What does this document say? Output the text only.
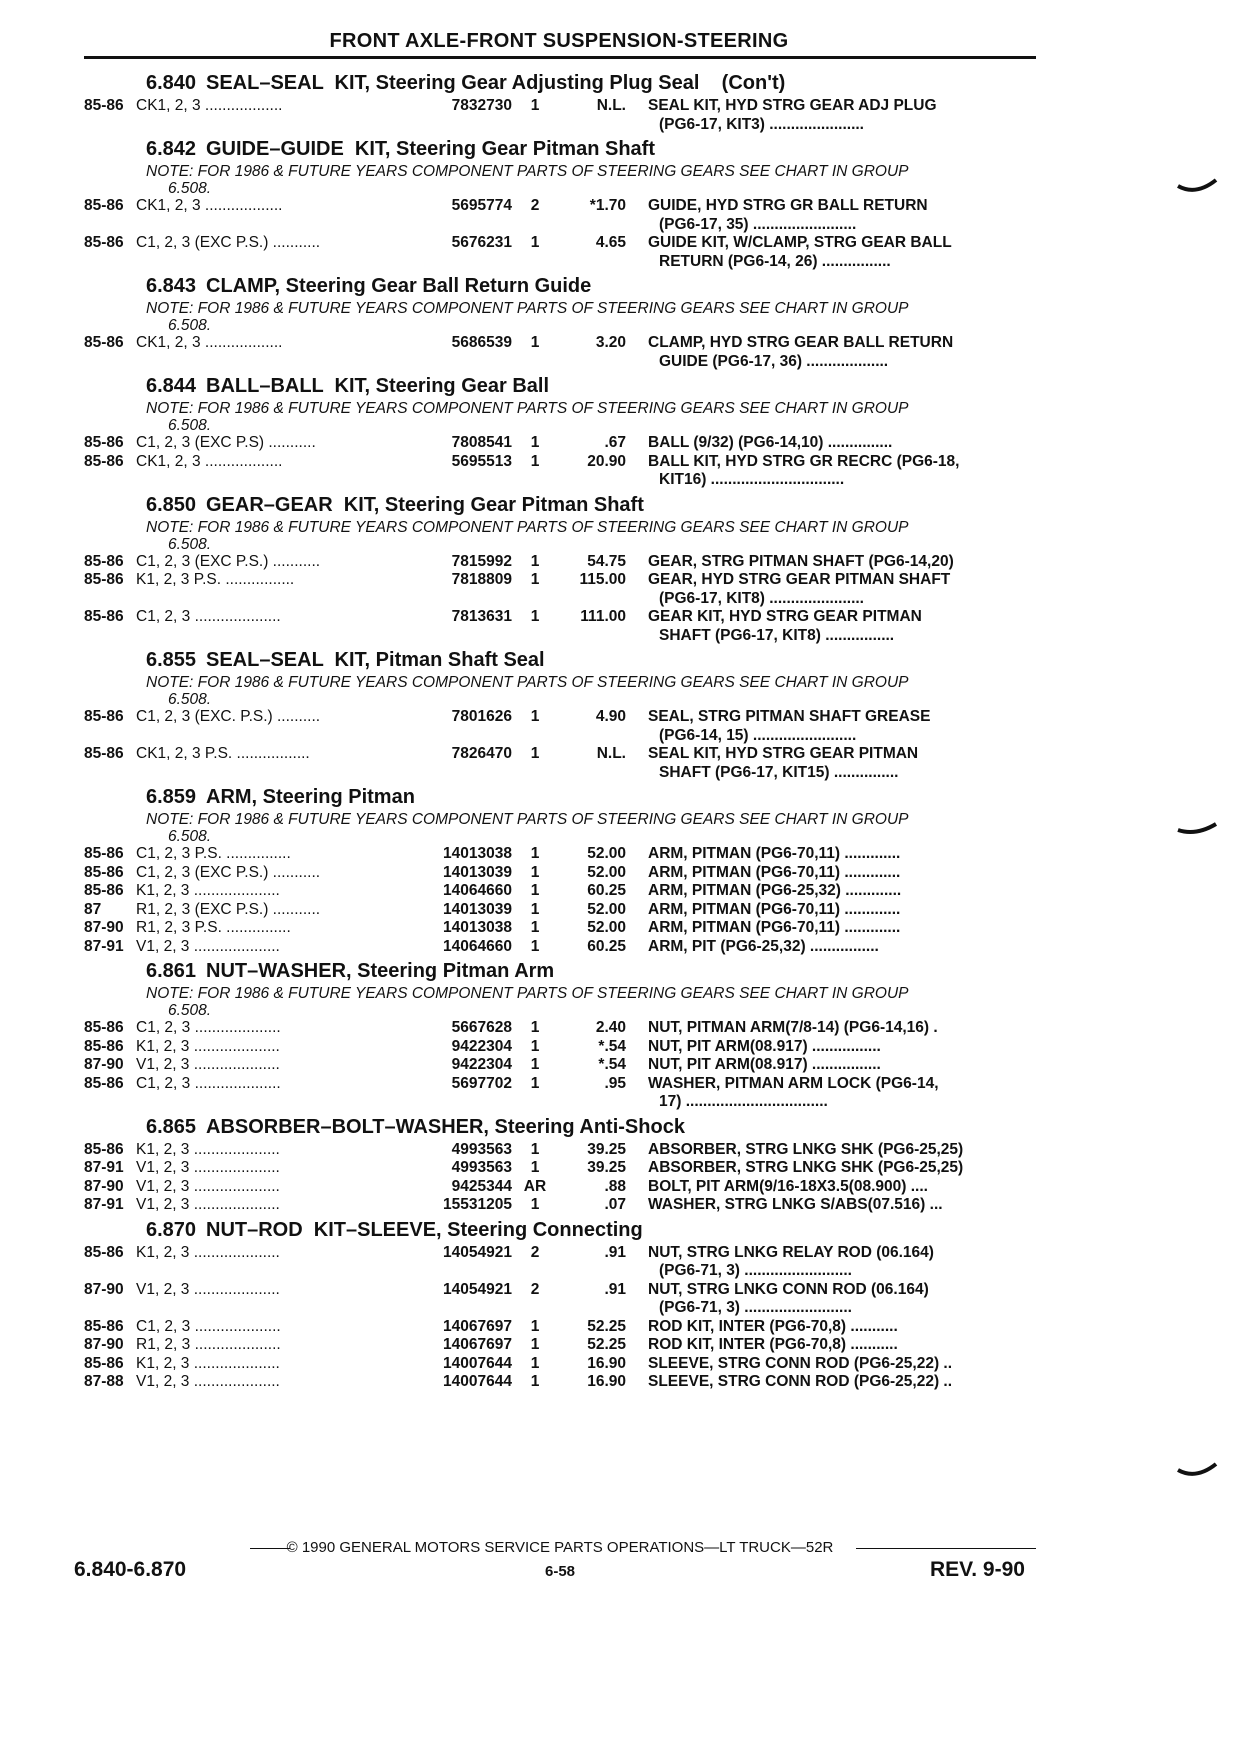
FRONT AXLE-FRONT SUSPENSION-STEERING
6.840 SEAL–SEAL  KIT, Steering Gear Adjusting Plug Seal    (Con't)
85-86 CK1, 2, 3 ..................	7832730	1	N.L.	SEAL KIT, HYD STRG GEAR ADJ PLUG
(PG6-17, KIT3) ......................
6.842 GUIDE–GUIDE  KIT, Steering Gear Pitman Shaft
NOTE: FOR 1986 & FUTURE YEARS COMPONENT PARTS OF STEERING GEARS SEE CHART IN GROUP
6.508.
85-86 CK1, 2, 3 ..................	5695774	2	*1.70	GUIDE, HYD STRG GR BALL RETURN
(PG6-17, 35) ........................
85-86 C1, 2, 3 (EXC P.S.) ...........	5676231	1	4.65	GUIDE KIT, W/CLAMP, STRG GEAR BALL
RETURN (PG6-14, 26) ................
6.843 CLAMP, Steering Gear Ball Return Guide
NOTE: FOR 1986 & FUTURE YEARS COMPONENT PARTS OF STEERING GEARS SEE CHART IN GROUP
6.508.
85-86 CK1, 2, 3 ..................	5686539	1	3.20	CLAMP, HYD STRG GEAR BALL RETURN
GUIDE (PG6-17, 36) ...................
6.844 BALL–BALL  KIT, Steering Gear Ball
NOTE: FOR 1986 & FUTURE YEARS COMPONENT PARTS OF STEERING GEARS SEE CHART IN GROUP
6.508.
85-86 C1, 2, 3 (EXC P.S) ...........	7808541	1	.67	BALL (9/32) (PG6-14,10) ...............
85-86 CK1, 2, 3 ..................	5695513	1	20.90	BALL KIT, HYD STRG GR RECRC (PG6-18,
KIT16) ...............................
6.850 GEAR–GEAR  KIT, Steering Gear Pitman Shaft
NOTE: FOR 1986 & FUTURE YEARS COMPONENT PARTS OF STEERING GEARS SEE CHART IN GROUP
6.508.
85-86 C1, 2, 3 (EXC P.S.) ...........	7815992	1	54.75	GEAR, STRG PITMAN SHAFT (PG6-14,20)
85-86 K1, 2, 3 P.S. ................	7818809	1	115.00	GEAR, HYD STRG GEAR PITMAN SHAFT
(PG6-17, KIT8) ......................
85-86 C1, 2, 3 ....................	7813631	1	111.00	GEAR KIT, HYD STRG GEAR PITMAN
SHAFT (PG6-17, KIT8) ................
6.855 SEAL–SEAL  KIT, Pitman Shaft Seal
NOTE: FOR 1986 & FUTURE YEARS COMPONENT PARTS OF STEERING GEARS SEE CHART IN GROUP
6.508.
85-86 C1, 2, 3 (EXC. P.S.) ..........	7801626	1	4.90	SEAL, STRG PITMAN SHAFT GREASE
(PG6-14, 15) ........................
85-86 CK1, 2, 3 P.S. .................	7826470	1	N.L.	SEAL KIT, HYD STRG GEAR PITMAN
SHAFT (PG6-17, KIT15) ...............
6.859 ARM, Steering Pitman
NOTE: FOR 1986 & FUTURE YEARS COMPONENT PARTS OF STEERING GEARS SEE CHART IN GROUP
6.508.
85-86 C1, 2, 3 P.S. ...............	14013038	1	52.00	ARM, PITMAN (PG6-70,11) .............
85-86 C1, 2, 3 (EXC P.S.) ...........	14013039	1	52.00	ARM, PITMAN (PG6-70,11) .............
85-86 K1, 2, 3 ....................	14064660	1	60.25	ARM, PITMAN (PG6-25,32) .............
87	R1, 2, 3 (EXC P.S.) ...........	14013039	1	52.00	ARM, PITMAN (PG6-70,11) .............
87-90 R1, 2, 3 P.S. ...............	14013038	1	52.00	ARM, PITMAN (PG6-70,11) .............
87-91 V1, 2, 3 ....................	14064660	1	60.25	ARM, PIT (PG6-25,32) ................
6.861 NUT–WASHER, Steering Pitman Arm
NOTE: FOR 1986 & FUTURE YEARS COMPONENT PARTS OF STEERING GEARS SEE CHART IN GROUP
6.508.
85-86 C1, 2, 3 ....................	5667628	1	2.40	NUT, PITMAN ARM(7/8-14) (PG6-14,16) .
85-86 K1, 2, 3 ....................	9422304	1	*.54	NUT, PIT ARM(08.917) ................
87-90 V1, 2, 3 ....................	9422304	1	*.54	NUT, PIT ARM(08.917) ................
85-86 C1, 2, 3 ....................	5697702	1	.95	WASHER, PITMAN ARM LOCK (PG6-14,
17) .................................
6.865 ABSORBER–BOLT–WASHER, Steering Anti-Shock
85-86 K1, 2, 3 ....................	4993563	1	39.25	ABSORBER, STRG LNKG SHK (PG6-25,25)
87-91 V1, 2, 3 ....................	4993563	1	39.25	ABSORBER, STRG LNKG SHK (PG6-25,25)
87-90 V1, 2, 3 ....................	9425344 AR	.88	BOLT, PIT ARM(9/16-18X3.5(08.900) ....
87-91 V1, 2, 3 ....................	15531205	1	.07	WASHER, STRG LNKG S/ABS(07.516) ...
6.870 NUT–ROD  KIT–SLEEVE, Steering Connecting
85-86 K1, 2, 3 ....................	14054921	2	.91	NUT, STRG LNKG RELAY ROD (06.164)
(PG6-71, 3) .........................
87-90 V1, 2, 3 ....................	14054921	2	.91	NUT, STRG LNKG CONN ROD (06.164)
(PG6-71, 3) .........................
85-86 C1, 2, 3 ....................	14067697	1	52.25	ROD KIT, INTER (PG6-70,8) ...........
87-90 R1, 2, 3 ....................	14067697	1	52.25	ROD KIT, INTER (PG6-70,8) ...........
85-86 K1, 2, 3 ....................	14007644	1	16.90	SLEEVE, STRG CONN ROD (PG6-25,22) ..
87-88 V1, 2, 3 ....................	14007644	1	16.90	SLEEVE, STRG CONN ROD (PG6-25,22) ..
© 1990 GENERAL MOTORS SERVICE PARTS OPERATIONS—LT TRUCK—52R
6.840-6.870	6-58	REV. 9-90
